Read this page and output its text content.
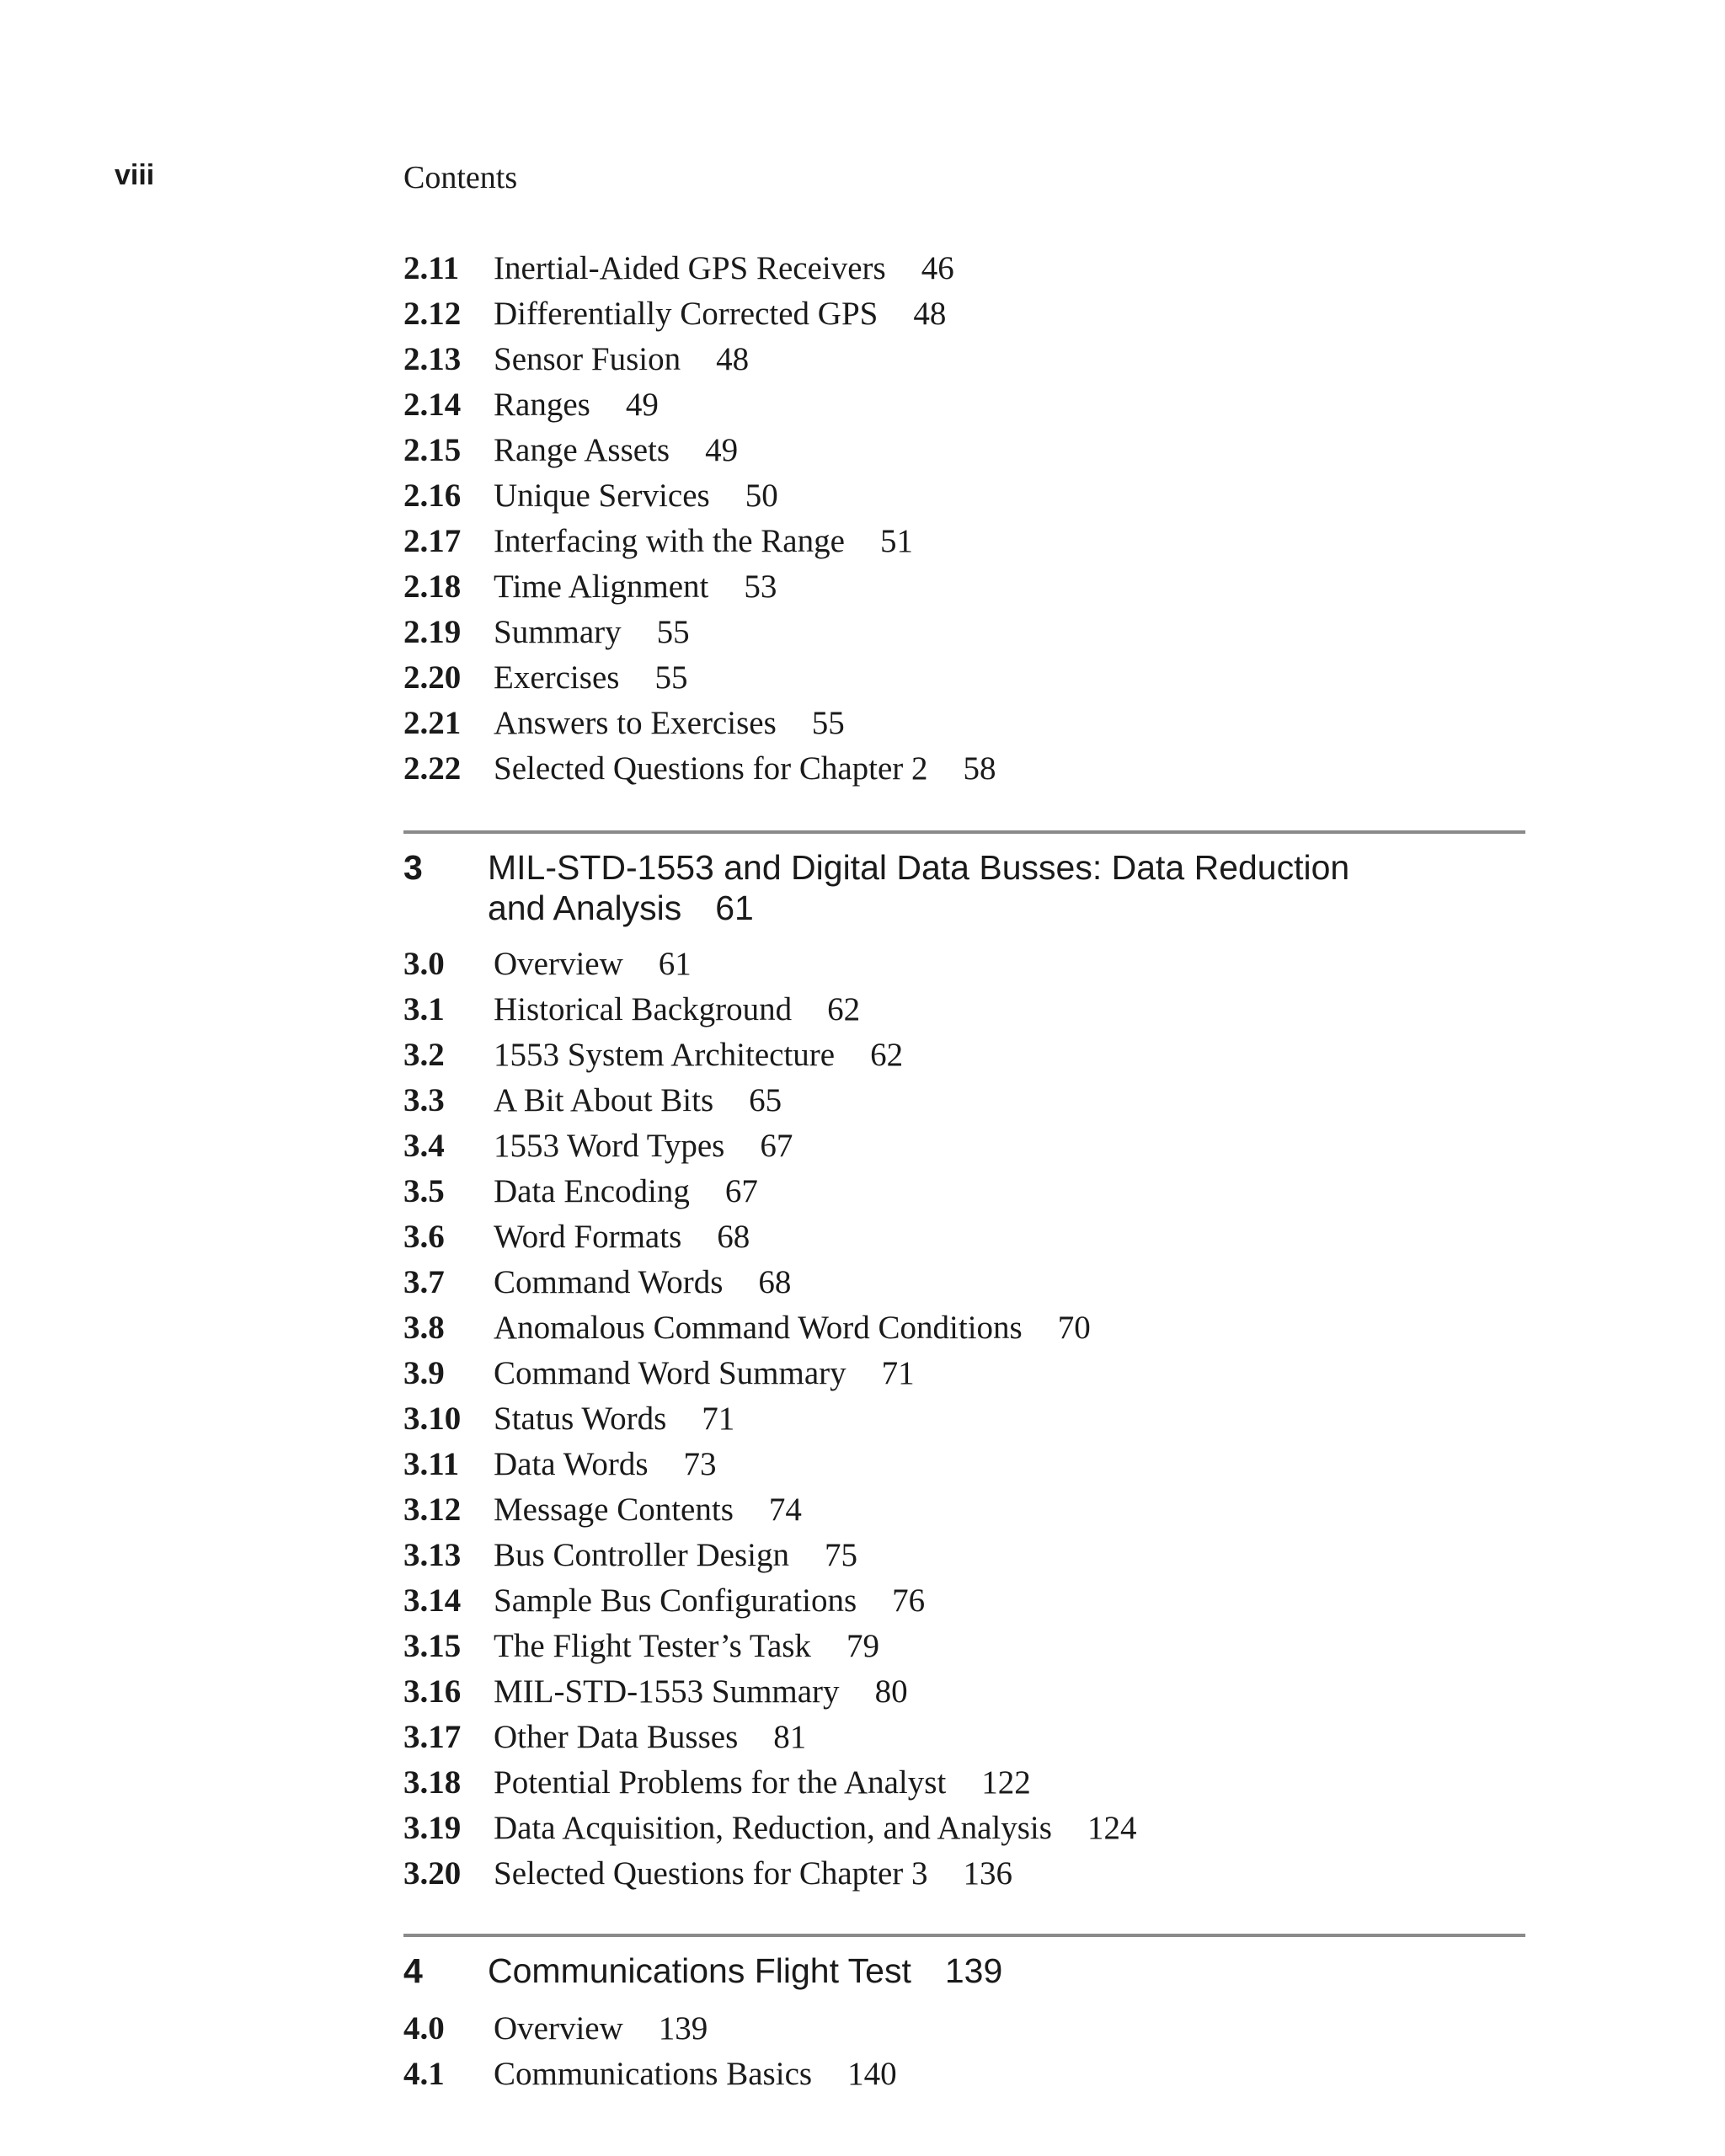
viii	Contents
2.11 Inertial-Aided GPS Receivers 46
2.12 Differentially Corrected GPS 48
2.13 Sensor Fusion 48
2.14 Ranges 49
2.15 Range Assets 49
2.16 Unique Services 50
2.17 Interfacing with the Range 51
2.18 Time Alignment 53
2.19 Summary 55
2.20 Exercises 55
2.21 Answers to Exercises 55
2.22 Selected Questions for Chapter 2 58
3 MIL-STD-1553 and Digital Data Busses: Data Reduction
and Analysis 61
3.0 Overview 61
3.1 Historical Background 62
3.2 1553 System Architecture 62
3.3 A Bit About Bits 65
3.4 1553 Word Types 67
3.5 Data Encoding 67
3.6 Word Formats 68
3.7 Command Words 68
3.8 Anomalous Command Word Conditions 70
3.9 Command Word Summary 71
3.10 Status Words 71
3.11 Data Words 73
3.12 Message Contents 74
3.13 Bus Controller Design 75
3.14 Sample Bus Configurations 76
3.15 The Flight Tester’s Task 79
3.16 MIL-STD-1553 Summary 80
3.17 Other Data Busses 81
3.18 Potential Problems for the Analyst 122
3.19 Data Acquisition, Reduction, and Analysis 124
3.20 Selected Questions for Chapter 3 136
4 Communications Flight Test 139
4.0 Overview 139
4.1 Communications Basics 140
